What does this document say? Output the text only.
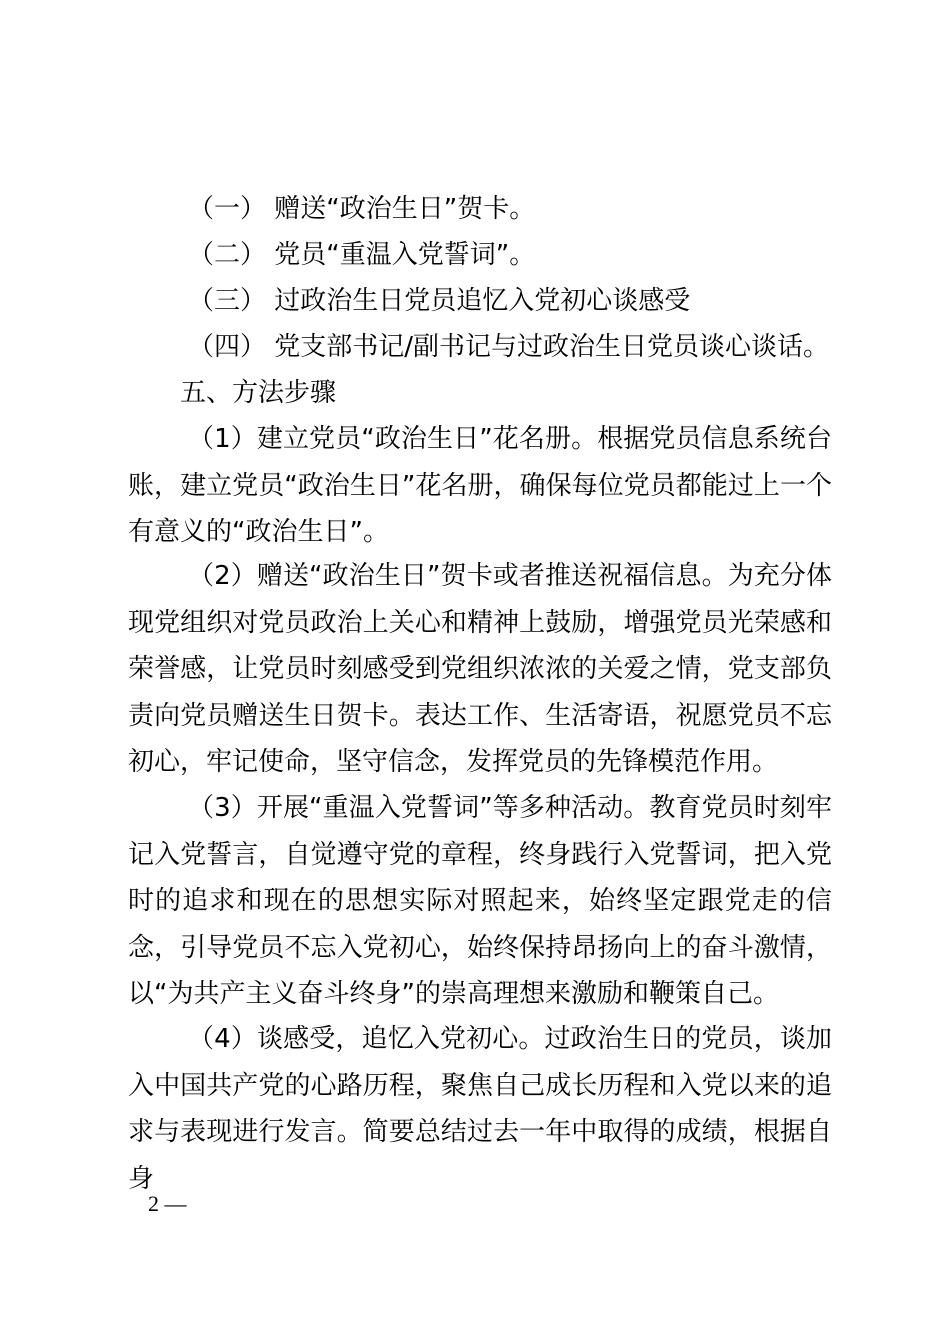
（一） 赠送“政治生日”贺卡。
（二） 党员“重温入党誓词”。
（三） 过政治生日党员追忆入党初心谈感受
（四） 党支部书记/副书记与过政治生日党员谈心谈话。
五、方法步骤
（1）建立党员“政治生日”花名册。根据党员信息系统台账，建立党员“政治生日”花名册，确保每位党员都能过上一个有意义的“政治生日”。
（2）赠送“政治生日”贺卡或者推送祝福信息。为充分体现党组织对党员政治上关心和精神上鼓励，增强党员光荣感和荣誉感，让党员时刻感受到党组织浓浓的关爱之情，党支部负责向党员赠送生日贺卡。表达工作、生活寄语，祝愿党员不忘初心，牢记使命，坚守信念，发挥党员的先锋模范作用。
（3）开展“重温入党誓词”等多种活动。教育党员时刻牢记入党誓言，自觉遵守党的章程，终身践行入党誓词，把入党时的追求和现在的思想实际对照起来，始终坚定跟党走的信念，引导党员不忘入党初心，始终保持昂扬向上的奋斗激情，以“为共产主义奋斗终身”的崇高理想来激励和鞭策自己。
（4）谈感受，追忆入党初心。过政治生日的党员，谈加入中国共产党的心路历程，聚焦自己成长历程和入党以来的追求与表现进行发言。简要总结过去一年中取得的成绩，根据自身
2 —
